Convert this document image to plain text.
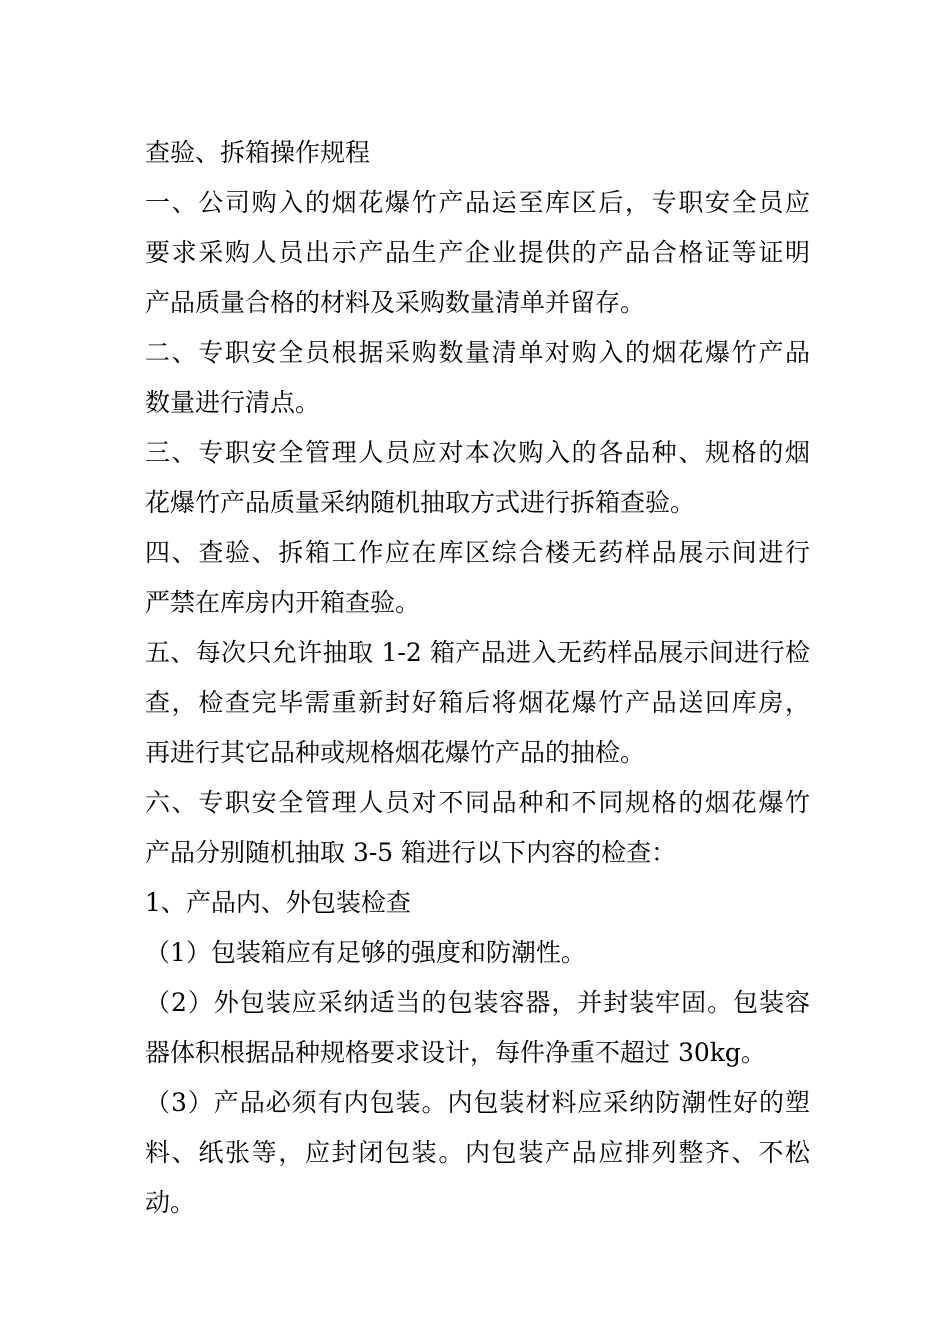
查验、拆箱操作规程
一、公司购入的烟花爆竹产品运至库区后，专职安全员应
要求采购人员出示产品生产企业提供的产品合格证等证明
产品质量合格的材料及采购数量清单并留存。
二、专职安全员根据采购数量清单对购入的烟花爆竹产品
数量进行清点。
三、专职安全管理人员应对本次购入的各品种、规格的烟
花爆竹产品质量采纳随机抽取方式进行拆箱查验。
四、查验、拆箱工作应在库区综合楼无药样品展示间进行
严禁在库房内开箱查验。
五、每次只允许抽取 1-2 箱产品进入无药样品展示间进行检
查，检查完毕需重新封好箱后将烟花爆竹产品送回库房，
再进行其它品种或规格烟花爆竹产品的抽检。
六、专职安全管理人员对不同品种和不同规格的烟花爆竹
产品分别随机抽取 3-5 箱进行以下内容的检查：
1、产品内、外包装检查
（1）包装箱应有足够的强度和防潮性。
（2）外包装应采纳适当的包装容器，并封装牢固。包装容
器体积根据品种规格要求设计，每件净重不超过 30kg。
（3）产品必须有内包装。内包装材料应采纳防潮性好的塑
料、纸张等，应封闭包装。内包装产品应排列整齐、不松
动。
